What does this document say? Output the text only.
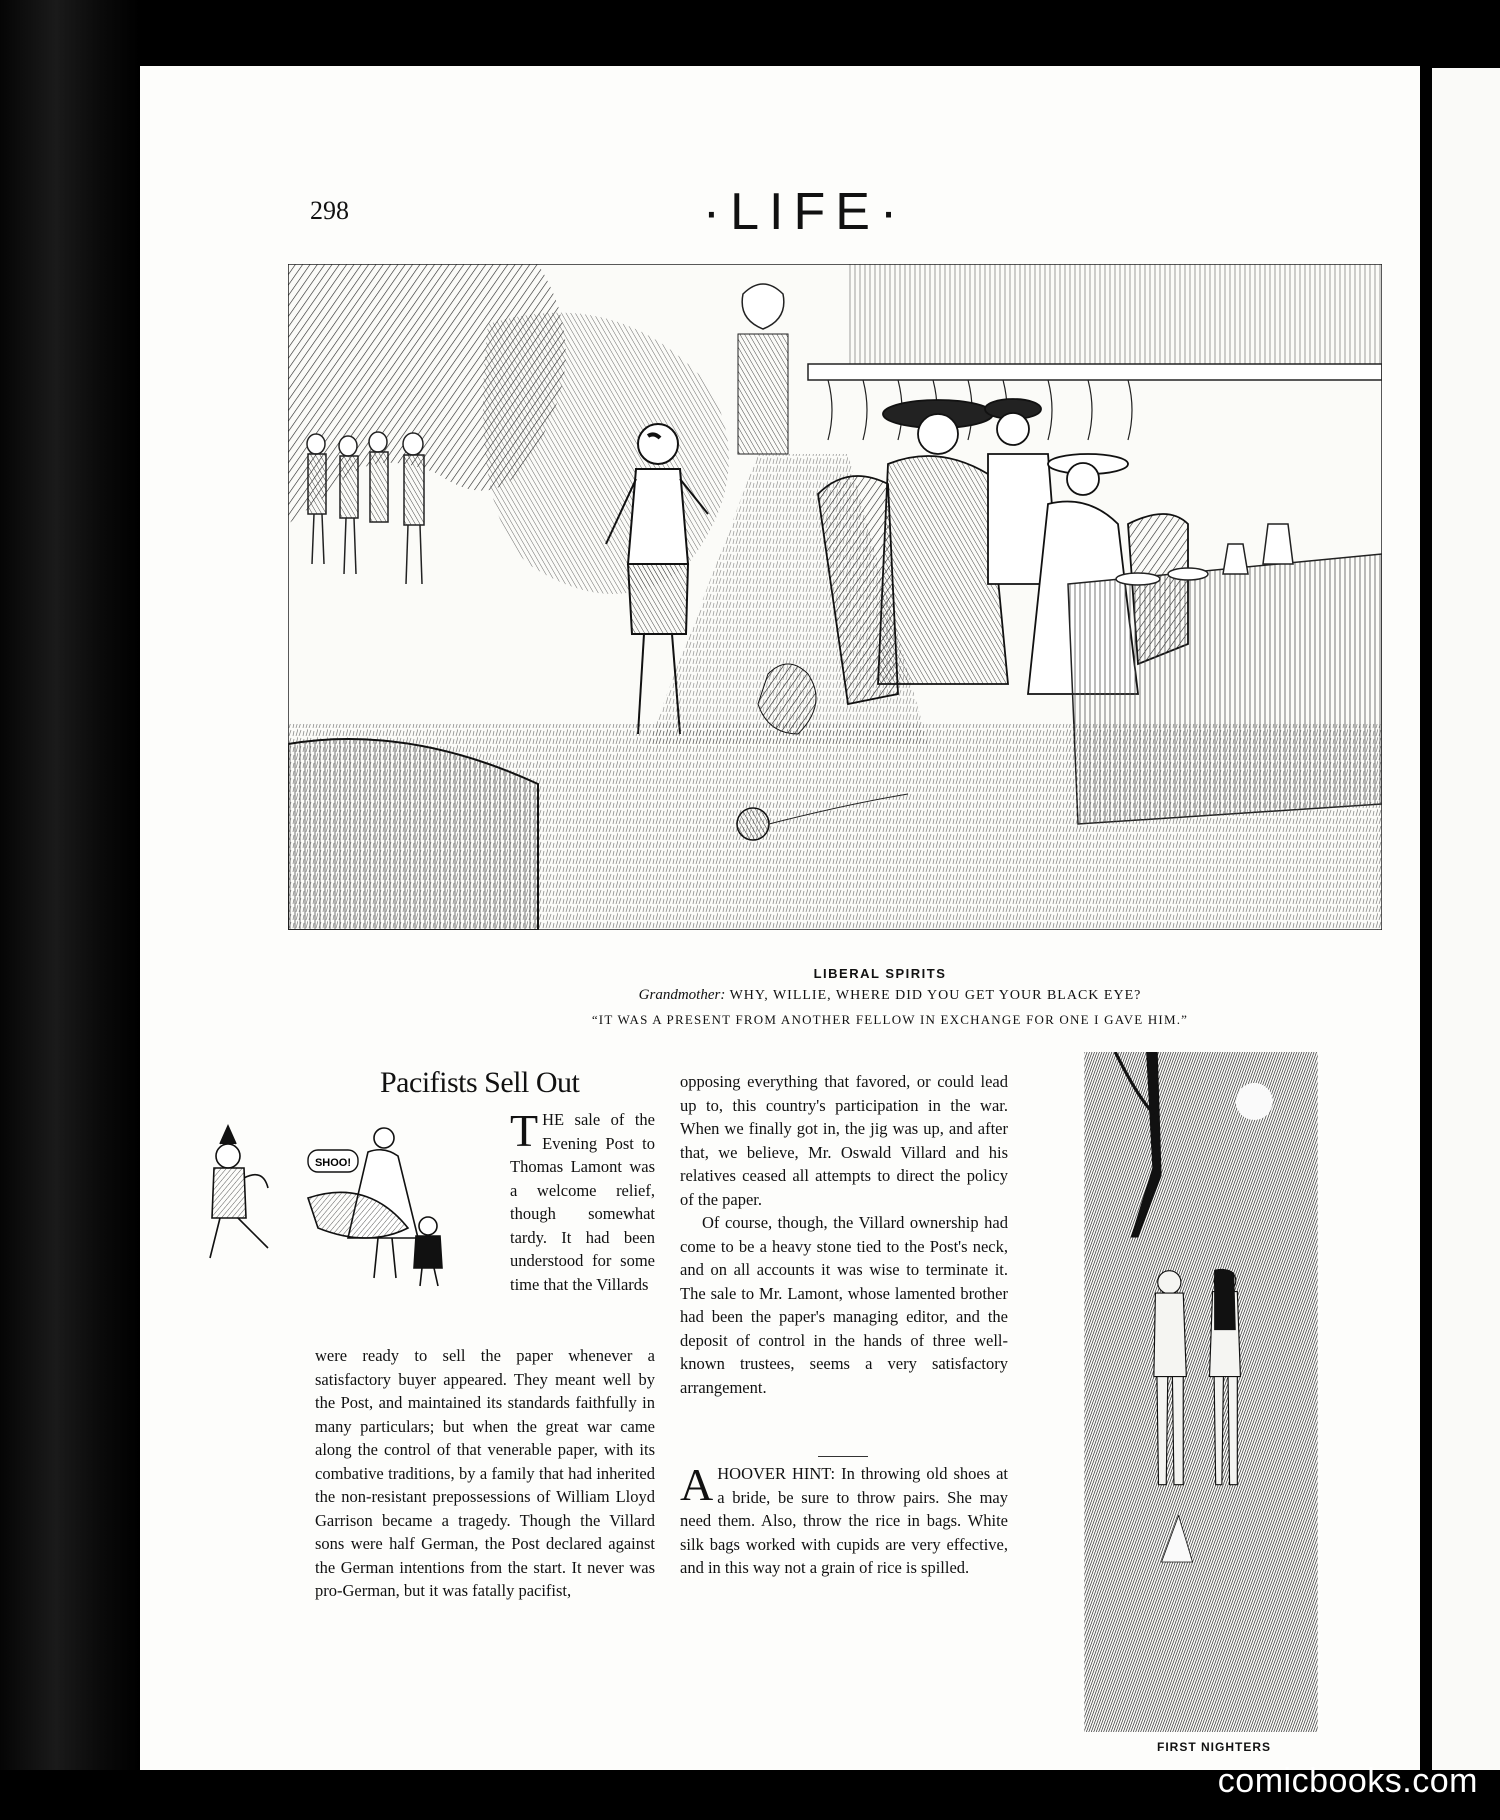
298	·LIFE·
LIBERAL SPIRITS
Grandmother: WHY, WILLIE, WHERE DID YOU GET YOUR BLACK EYE?
“IT WAS A PRESENT FROM ANOTHER FELLOW IN EXCHANGE FOR ONE I GAVE HIM.”
Pacifists Sell Out
SHOO!

T HE sale of the Evening Post to Thomas Lamont was a welcome relief, though somewhat tardy. It had been understood for some time that the Villards

were ready to sell the paper whenever a satisfactory buyer appeared. They meant well by the Post, and maintained its standards faithfully in many particulars; but when the great war came along the control of that venerable paper, with its combative traditions, by a family that had inherited the non-resistant prepossessions of William Lloyd Garrison became a tragedy. Though the Villard sons were half German, the Post declared against the German intentions from the start. It never was pro-German, but it was fatally pacifist,

opposing everything that favored, or could lead up to, this country's participation in the war. When we finally got in, the jig was up, and after that, we believe, Mr. Oswald Villard and his relatives ceased all attempts to direct the policy of the paper.

Of course, though, the Villard ownership had come to be a heavy stone tied to the Post's neck, and on all accounts it was wise to terminate it. The sale to Mr. Lamont, whose lamented brother had been the paper's managing editor, and the deposit of control in the hands of three well-known trustees, seems a very satisfactory arrangement.

A HOOVER HINT: In throwing old shoes at a bride, be sure to throw pairs. She may need them. Also, throw the rice in bags. White silk bags worked with cupids are very effective, and in this way not a grain of rice is spilled.

FIRST NIGHTERS
comicbooks.com
